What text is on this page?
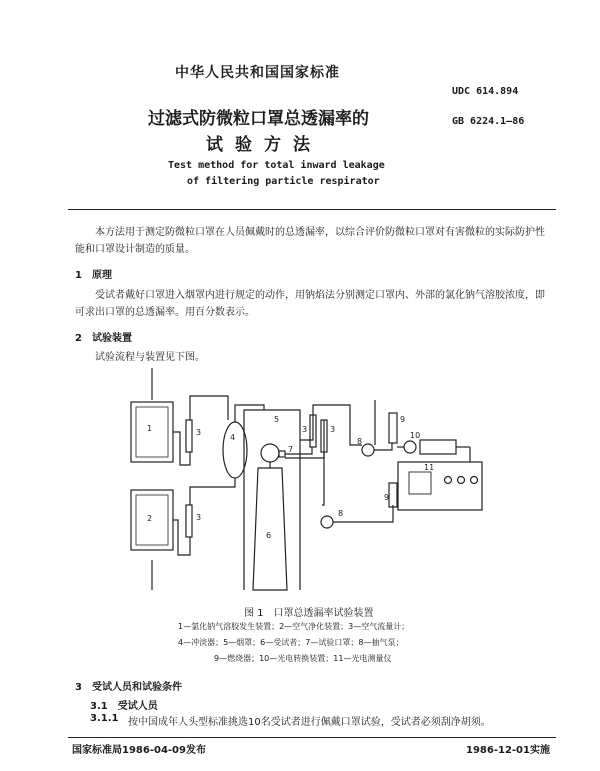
中华人民共和国国家标准
UDC 614.894
过滤式防微粒口罩总透漏率的	GB 6224.1—86
试验方法
Test method for total inward leakage
of filtering particle respirator
本方法用于测定防微粒口罩在人员佩戴时的总透漏率，以综合评价防微粒口罩对有害微粒的实际防护性能和口罩设计制造的质量。
1　原理
受试者戴好口罩进入烟罩内进行规定的动作，用钠焰法分别测定口罩内、外部的氯化钠气溶胶浓度，即可求出口罩的总透漏率。用百分数表示。
2　试验装置
试验流程与装置见下图。
1
2
3
3
3	3
4
5
6
7
8
8
9
9
10
11
图 1　口罩总透漏率试验装置
1—氯化钠气溶胶发生装置；2—空气净化装置；3—空气流量计；
4—冲淡器；5—烟罩；6—受试者；7—试验口罩；8—抽气泵；
9—燃烧器；10—光电转换装置；11—光电测量仪
3　受试人员和试验条件
3.1　受试人员
3.1.1 按中国成年人头型标准挑选10名受试者进行佩戴口罩试验，受试者必须刮净胡须。
国家标准局1986-04-09发布	1986-12-01实施
